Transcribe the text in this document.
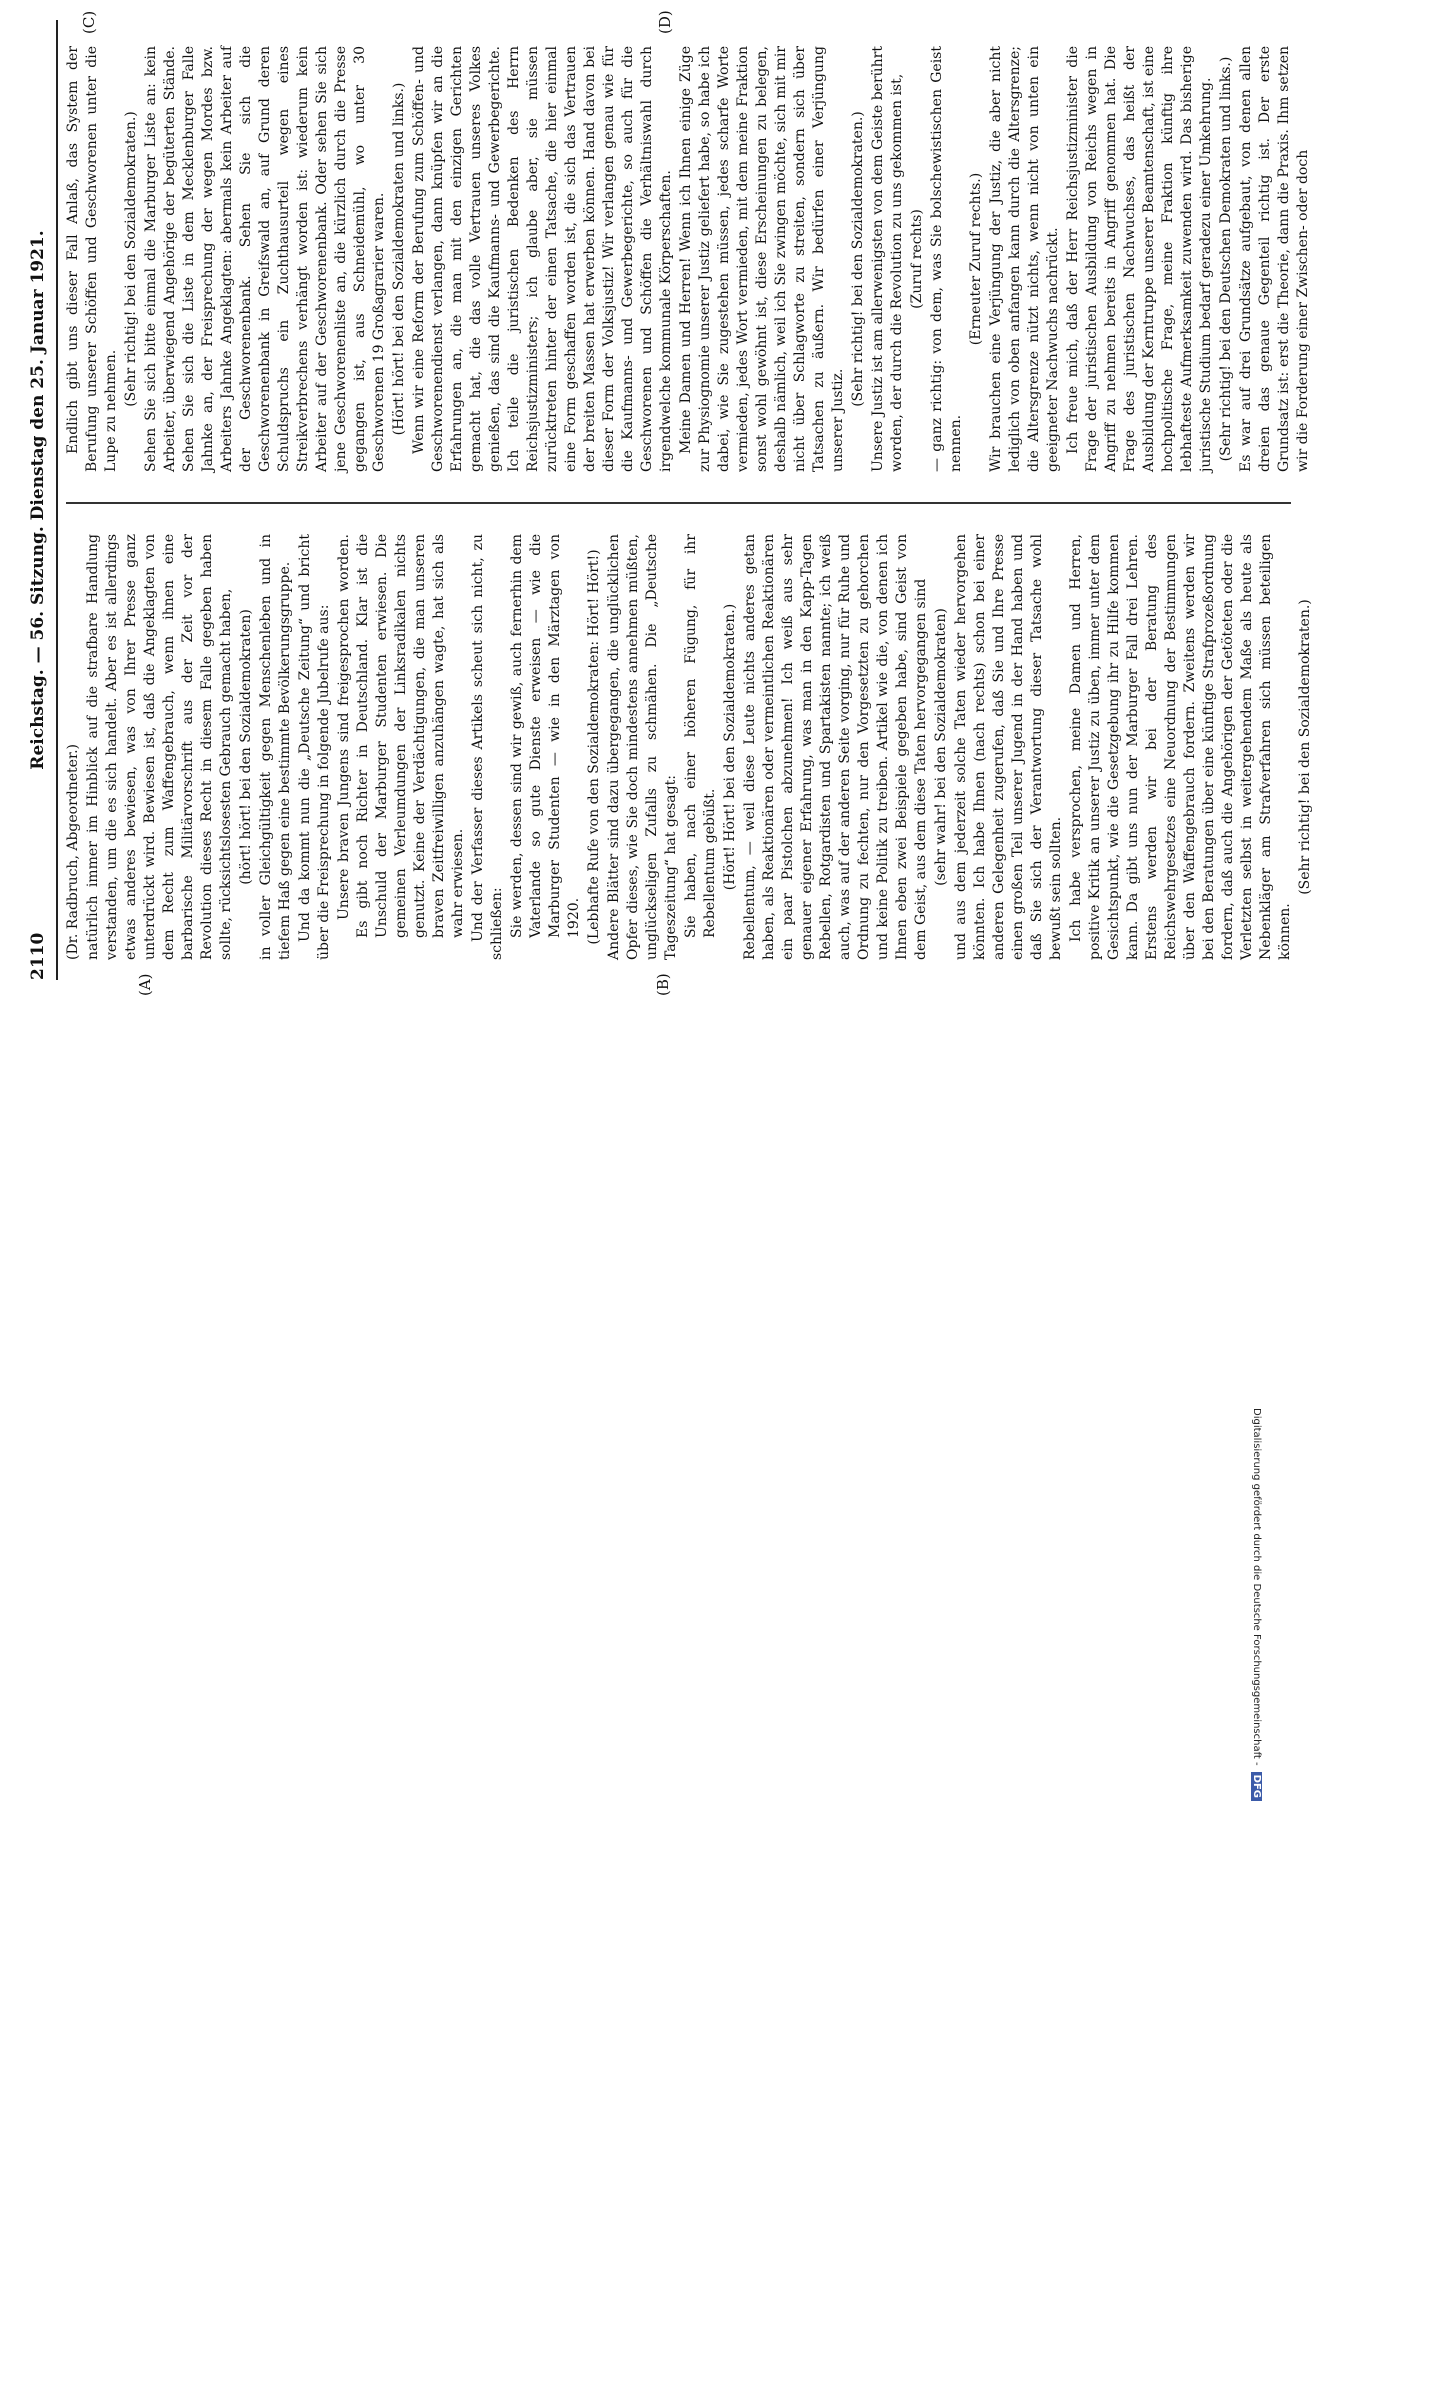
2110
Reichstag. — 56. Sitzung. Dienstag den 25. Januar 1921.
(A)	(B)
(C)	(D)

(Dr. Radbruch, Abgeordneter.) natürlich immer im Hinblick auf die strafbare Handlung verstanden, um die es sich handelt. Aber es ist allerdings etwas anderes bewiesen, was von Ihrer Presse ganz unterdrückt wird. Bewiesen ist, daß die Angeklagten von dem Recht zum Waffengebrauch, wenn ihnen eine barbarische Militärvorschrift aus der Zeit vor der Revolution dieses Recht in diesem Falle gegeben haben sollte, rücksichtslosesten Gebrauch gemacht haben, (hört! hört! bei den Sozialdemokraten) in voller Gleichgültigkeit gegen Menschenleben und in tiefem Haß gegen eine bestimmte Bevölkerungsgruppe. Und da kommt nun die „Deutsche Zeitung“ und bricht über die Freisprechung in folgende Jubelrufe aus: Unsere braven Jungens sind freigesprochen worden. Es gibt noch Richter in Deutschland. Klar ist die Unschuld der Marburger Studenten erwiesen. Die gemeinen Verleumdungen der Linksradikalen nichts genutzt. Keine der Verdächtigungen, die man unseren braven Zeitfreiwilligen anzuhängen wagte, hat sich als wahr erwiesen. Und der Verfasser dieses Artikels scheut sich nicht, zu schließen: Sie werden, dessen sind wir gewiß, auch fernerhin dem Vaterlande so gute Dienste erweisen — wie die Marburger Studenten — wie in den Märztagen von 1920. (Lebhafte Rufe von den Sozialdemokraten: Hört! Hört!) Andere Blätter sind dazu übergegangen, die unglücklichen Opfer dieses, wie Sie doch mindestens annehmen müßten, unglückseligen Zufalls zu schmähen. Die „Deutsche Tageszeitung“ hat gesagt: Sie haben, nach einer höheren Fügung, für ihr Rebellentum gebüßt. (Hört! Hört! bei den Sozialdemokraten.) Rebellentum, — weil diese Leute nichts anderes getan haben, als Reaktionären oder vermeintlichen Reaktionären ein paar Pistolchen abzunehmen! Ich weiß aus sehr genauer eigener Erfahrung, was man in den Kapp-Tagen Rebellen, Rotgardisten und Spartakisten nannte; ich weiß auch, was auf der anderen Seite vorging, nur für Ruhe und Ordnung zu fechten, nur den Vorgesetzten zu gehorchen und keine Politik zu treiben. Artikel wie die, von denen ich Ihnen eben zwei Beispiele gegeben habe, sind Geist von dem Geist, aus dem diese Taten hervorgegangen sind (sehr wahr! bei den Sozialdemokraten) und aus dem jederzeit solche Taten wieder hervorgehen könnten. Ich habe Ihnen (nach rechts) schon bei einer anderen Gelegenheit zugerufen, daß Sie und Ihre Presse einen großen Teil unserer Jugend in der Hand haben und daß Sie sich der Verantwortung dieser Tatsache wohl bewußt sein sollten. Ich habe versprochen, meine Damen und Herren, positive Kritik an unserer Justiz zu üben, immer unter dem Gesichtspunkt, wie die Gesetzgebung ihr zu Hilfe kommen kann. Da gibt uns nun der Marburger Fall drei Lehren. Erstens werden wir bei der Beratung des Reichswehrgesetzes eine Neuordnung der Bestimmungen über den Waffengebrauch fordern. Zweitens werden wir bei den Beratungen über eine künftige Strafprozeßordnung fordern, daß auch die Angehörigen der Getöteten oder die Verletzten selbst in weitergehendem Maße als heute als Nebenkläger am Strafverfahren sich müssen beteiligen können.

(Sehr richtig! bei den Sozialdemokraten.)

Endlich gibt uns dieser Fall Anlaß, das System der Berufung unserer Schöffen und Geschworenen unter die Lupe zu nehmen.

(Sehr richtig! bei den Sozialdemokraten.) Sehen Sie sich bitte einmal die Marburger Liste an: kein Arbeiter, überwiegend Angehörige der begüterten Stände. Sehen Sie sich die Liste in dem Mecklenburger Falle Jahnke an, der Freisprechung der wegen Mordes bzw. Arbeiters Jahnke Angeklagten: abermals kein Arbeiter auf der Geschworenenbank. Sehen Sie sich die Geschworenenbank in Greifswald an, auf Grund deren Schuldspruchs ein Zuchthausurteil wegen eines Streikverbrechens verhängt worden ist: wiederum kein Arbeiter auf der Geschworenenbank. Oder sehen Sie sich jene Geschworenenliste an, die kürzlich durch die Presse gegangen ist, aus Schneidemühl, wo unter 30 Geschworenen 19 Großagrarier waren. (Hört! hört! bei den Sozialdemokraten und links.) Wenn wir eine Reform der Berufung zum Schöffen- und Geschworenendienst verlangen, dann knüpfen wir an die Erfahrungen an, die man mit den einzigen Gerichten gemacht hat, die das volle Vertrauen unseres Volkes genießen, das sind die Kaufmanns- und Gewerbegerichte. Ich teile die juristischen Bedenken des Herrn Reichsjustizministers; ich glaube aber, sie müssen zurücktreten hinter der einen Tatsache, die hier einmal eine Form geschaffen worden ist, die sich das Vertrauen der breiten Massen hat erwerben können. Hand davon bei dieser Form der Volksjustiz! Wir verlangen genau wie für die Kaufmanns- und Gewerbegerichte, so auch für die Geschworenen und Schöffen die Verhältniswahl durch irgendwelche kommunale Körperschaften. Meine Damen und Herren! Wenn ich Ihnen einige Züge zur Physiognomie unserer Justiz geliefert habe, so habe ich dabei, wie Sie zugestehen müssen, jedes scharfe Worte vermieden, jedes Wort vermieden, mit dem meine Fraktion sonst wohl gewöhnt ist, diese Erscheinungen zu belegen, deshalb nämlich, weil ich Sie zwingen möchte, sich mit mir nicht über Schlagworte zu streiten, sondern sich über Tatsachen zu äußern. Wir bedürfen einer Verjüngung unserer Justiz.

(Sehr richtig! bei den Sozialdemokraten.) Unsere Justiz ist am allerwenigsten von dem Geiste berührt worden, der durch die Revolution zu uns gekommen ist, (Zuruf rechts) — ganz richtig: von dem, was Sie bolschewistischen Geist nennen.

(Erneuter Zuruf rechts.) Wir brauchen eine Verjüngung der Justiz, die aber nicht lediglich von oben anfangen kann durch die Altersgrenze; die Altersgrenze nützt nichts, wenn nicht von unten ein geeigneter Nachwuchs nachrückt. Ich freue mich, daß der Herr Reichsjustizminister die Frage der juristischen Ausbildung von Reichs wegen in Angriff zu nehmen bereits in Angriff genommen hat. Die Frage des juristischen Nachwuchses, das heißt der Ausbildung der Kerntruppe unserer Beamtenschaft, ist eine hochpolitische Frage, meine Fraktion künftig ihre lebhafteste Aufmerksamkeit zuwenden wird. Das bisherige juristische Studium bedarf geradezu einer Umkehrung. (Sehr richtig! bei den Deutschen Demokraten und links.) Es war auf drei Grundsätze aufgebaut, von denen allen dreien das genaue Gegenteil richtig ist. Der erste Grundsatz ist: erst die Theorie, dann die Praxis. Ihm setzen wir die Forderung einer Zwischen- oder doch

Digitalisierung gefördert durch die Deutsche Forschungsgemeinschaft -DFG
